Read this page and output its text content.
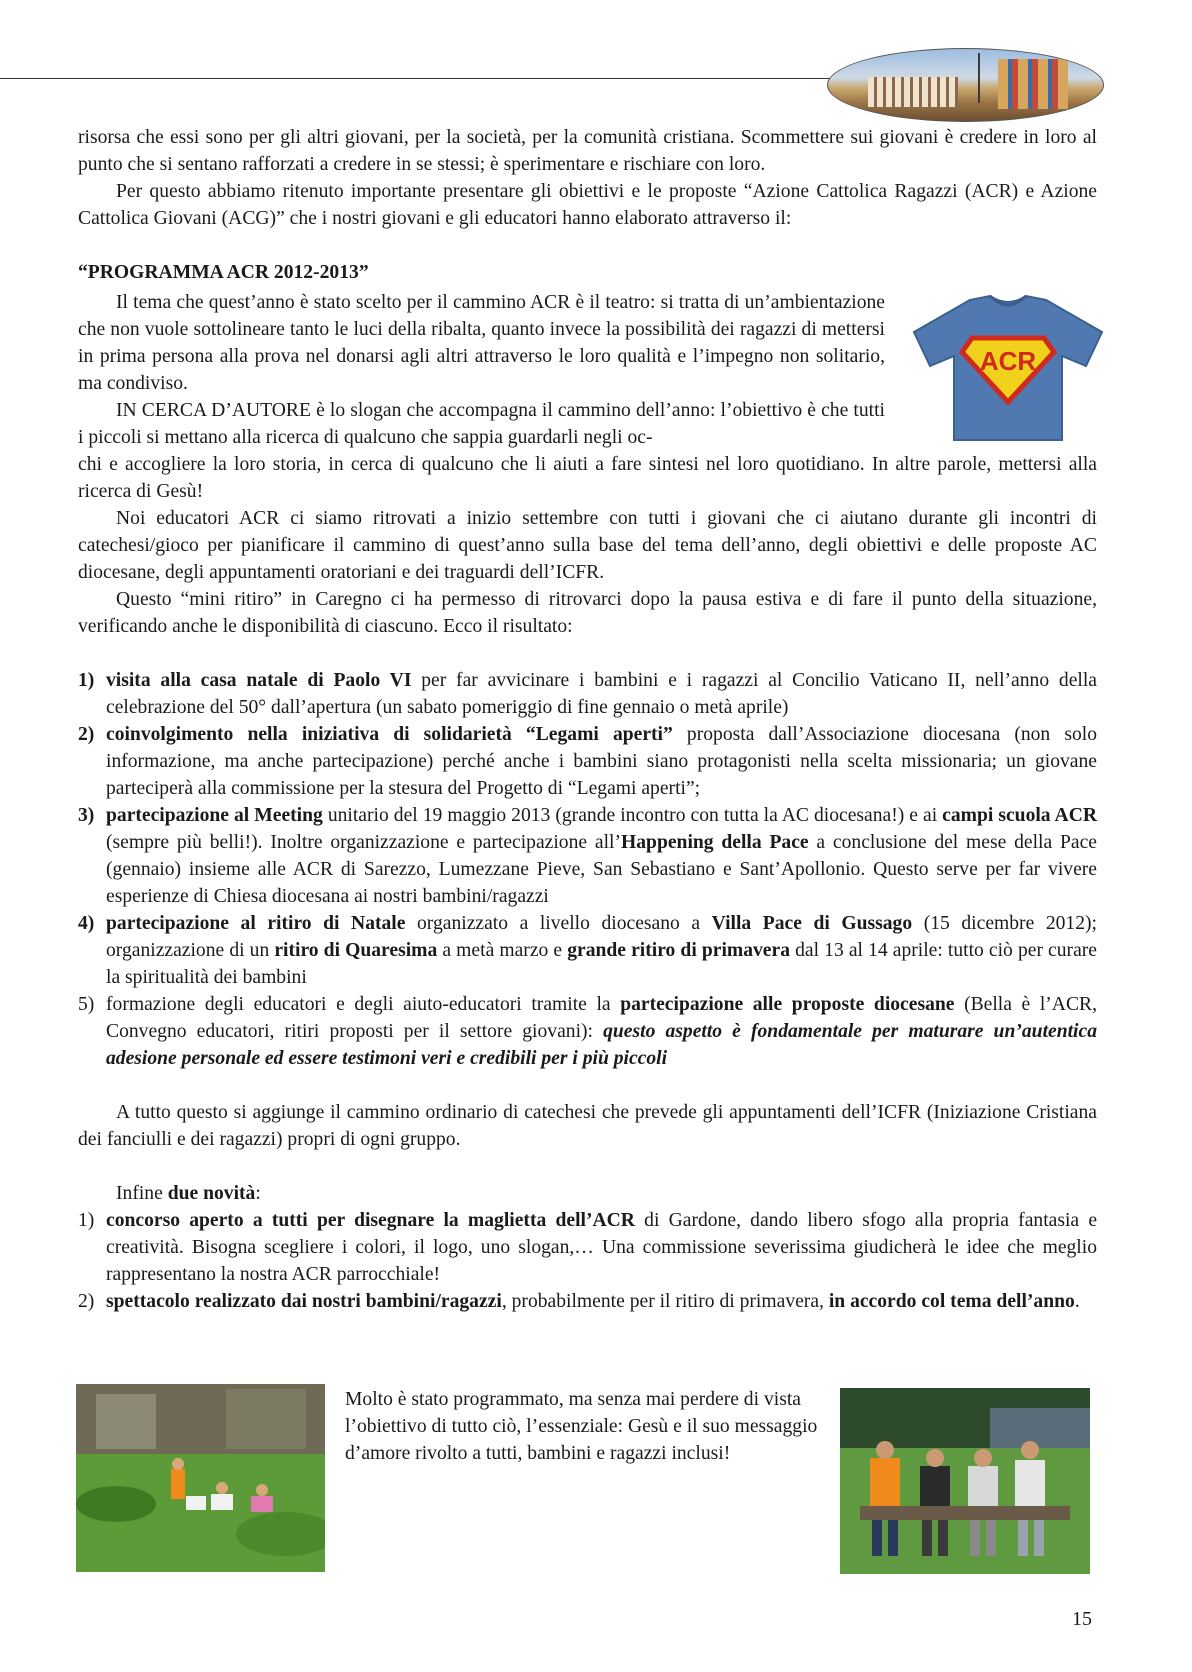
risorsa che essi sono per gli altri giovani, per la società, per la comunità cristiana. Scommettere sui giovani è credere in loro al punto che si sentano rafforzati a credere in se stessi; è sperimentare e rischiare con loro.

Per questo abbiamo ritenuto importante presentare gli obiettivi e le proposte “Azione Cattolica Ragazzi (ACR) e Azione Cattolica Giovani (ACG)” che i nostri giovani e gli educatori hanno elaborato attraverso il:

“PROGRAMMA ACR 2012-2013”

Il tema che quest’anno è stato scelto per il cammino ACR è il teatro: si tratta di un’ambientazione che non vuole sottolineare tanto le luci della ribalta, quanto invece la possibilità dei ragazzi di mettersi in prima persona alla prova nel donarsi agli altri attraverso le loro qualità e l’impegno non solitario, ma condiviso.

ACR

IN CERCA D’AUTORE è lo slogan che accompagna il cammino dell’anno: l’obiettivo è che tutti i piccoli si mettano alla ricerca di qualcuno che sappia guardarli negli oc-

chi e accogliere la loro storia, in cerca di qualcuno che li aiuti a fare sintesi nel loro quotidiano. In altre parole, mettersi alla ricerca di Gesù!

Noi educatori ACR ci siamo ritrovati a inizio settembre con tutti i giovani che ci aiutano durante gli incontri di catechesi/gioco per pianificare il cammino di quest’anno sulla base del tema dell’anno, degli obiettivi e delle proposte AC diocesane, degli appuntamenti oratoriani e dei traguardi dell’ICFR.

Questo “mini ritiro” in Caregno ci ha permesso di ritrovarci dopo la pausa estiva e di fare il punto della situazione, verificando anche le disponibilità di ciascuno. Ecco il risultato:

1) visita alla casa natale di Paolo VI per far avvicinare i bambini e i ragazzi al Concilio Vaticano II, nell’anno della celebrazione del 50° dall’apertura (un sabato pomeriggio di fine gennaio o metà aprile)
2) coinvolgimento nella iniziativa di solidarietà “Legami aperti” proposta dall’Associazione diocesana (non solo informazione, ma anche partecipazione) perché anche i bambini siano protagonisti nella scelta missionaria; un giovane parteciperà alla commissione per la stesura del Progetto di “Legami aperti”;
3) partecipazione al Meeting unitario del 19 maggio 2013 (grande incontro con tutta la AC diocesana!) e ai campi scuola ACR (sempre più belli!). Inoltre organizzazione e partecipazione all’Happening della Pace a conclusione del mese della Pace (gennaio) insieme alle ACR di Sarezzo, Lumezzane Pieve, San Sebastiano e Sant’Apollonio. Questo serve per far vivere esperienze di Chiesa diocesana ai nostri bambini/ragazzi
4) partecipazione al ritiro di Natale organizzato a livello diocesano a Villa Pace di Gussago (15 dicembre 2012); organizzazione di un ritiro di Quaresima a metà marzo e grande ritiro di primavera dal 13 al 14 aprile: tutto ciò per curare la spiritualità dei bambini
5) formazione degli educatori e degli aiuto-educatori tramite la partecipazione alle proposte diocesane (Bella è l’ACR, Convegno educatori, ritiri proposti per il settore giovani): questo aspetto è fondamentale per maturare un’autentica adesione personale ed essere testimoni veri e credibili per i più piccoli

A tutto questo si aggiunge il cammino ordinario di catechesi che prevede gli appuntamenti dell’ICFR (Iniziazione Cristiana dei fanciulli e dei ragazzi) propri di ogni gruppo.

Infine due novità:

1) concorso aperto a tutti per disegnare la maglietta dell’ACR di Gardone, dando libero sfogo alla propria fantasia e creatività. Bisogna scegliere i colori, il logo, uno slogan,… Una commissione severissima giudicherà le idee che meglio rappresentano la nostra ACR parrocchiale!
2) spettacolo realizzato dai nostri bambini/ragazzi, probabilmente per il ritiro di primavera, in accordo col tema dell’anno.

Molto è stato programmato, ma senza mai perdere di vista l’obiettivo di tutto ciò, l’essenziale: Gesù e il suo messaggio d’amore rivolto a tutti, bambini e ragazzi inclusi!

15
